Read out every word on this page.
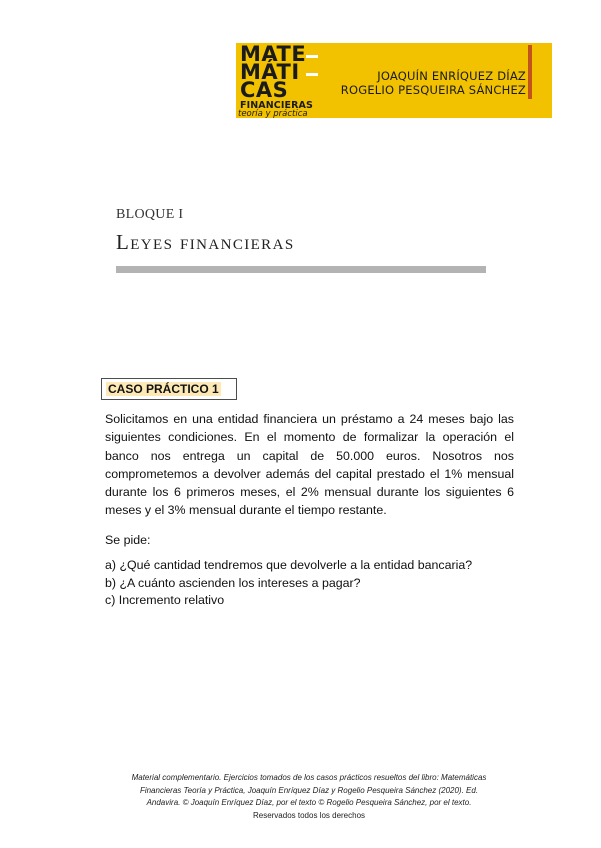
MATE
MÁTI
CAS
FINANCIERAS
teoría y práctica
JOAQUÍN ENRÍQUEZ DÍAZ
ROGELIO PESQUEIRA SÁNCHEZ
BLOQUE I
Leyes financieras
CASO PRÁCTICO 1
Solicitamos en una entidad financiera un préstamo a 24 meses bajo las siguientes condiciones. En el momento de formalizar la operación el banco nos entrega un capital de 50.000 euros. Nosotros nos comprometemos a devolver además del capital prestado el 1% mensual durante los 6 primeros meses, el 2% mensual durante los siguientes 6 meses y el 3% mensual durante el tiempo restante.
Se pide:
a) ¿Qué cantidad tendremos que devolverle a la entidad bancaria?
b) ¿A cuánto ascienden los intereses a pagar?
c) Incremento relativo
Material complementario. Ejercicios tomados de los casos prácticos resueltos del libro: Matemáticas
Financieras Teoría y Práctica, Joaquín Enríquez Díaz y Rogelio Pesqueira Sánchez (2020). Ed.
Andavira. © Joaquín Enríquez Díaz, por el texto © Rogelio Pesqueira Sánchez, por el texto.
Reservados todos los derechos
